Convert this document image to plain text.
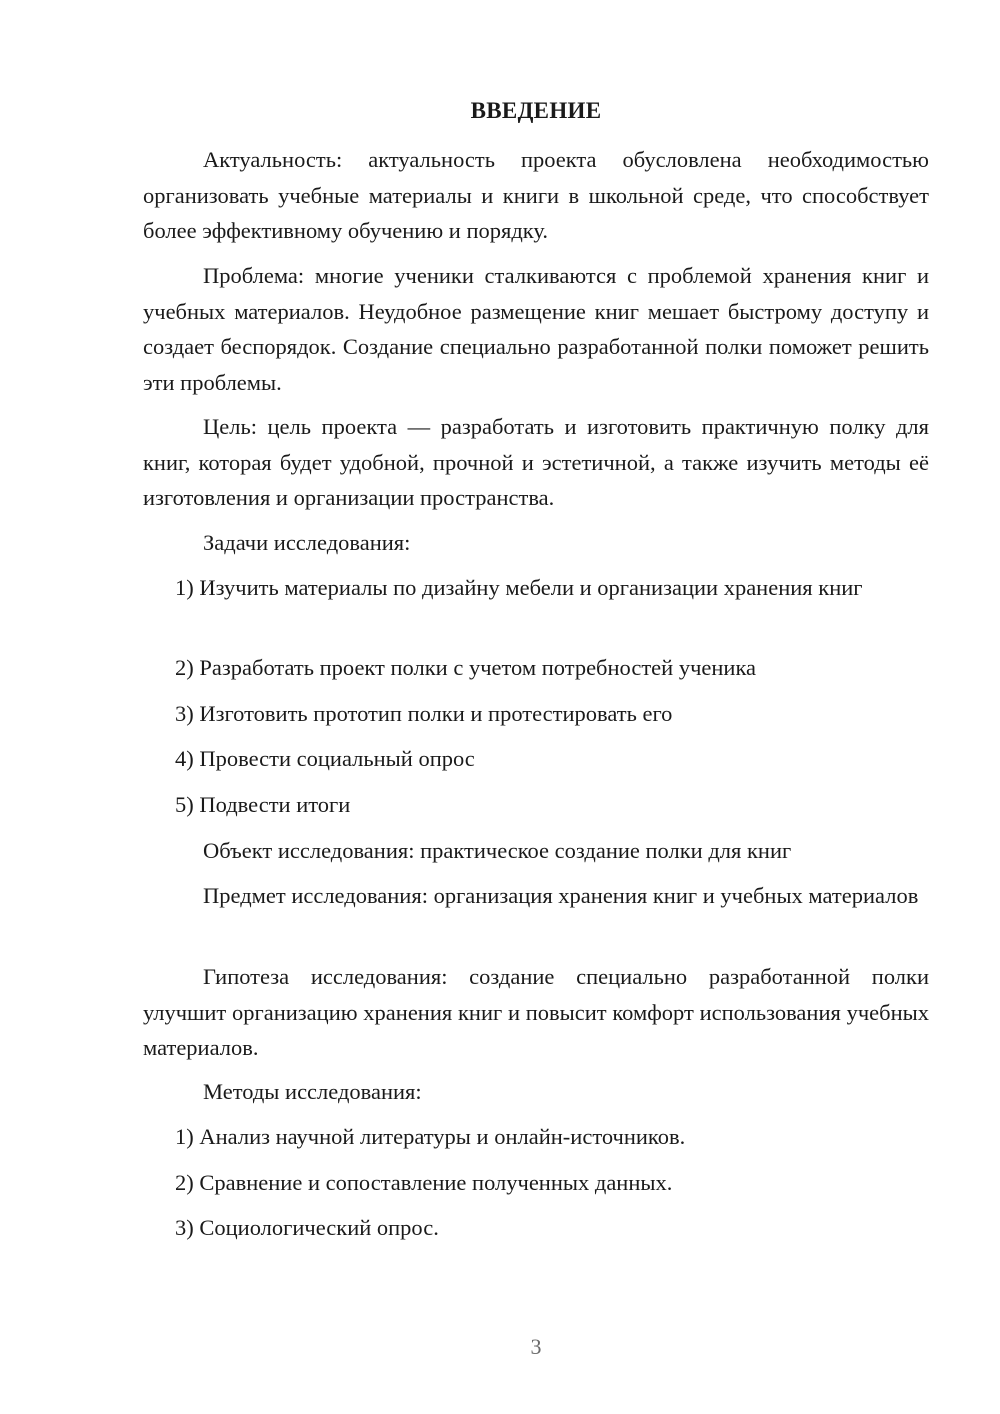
ВВЕДЕНИЕ
Актуальность: актуальность проекта обусловлена необходимостью организовать учебные материалы и книги в школьной среде, что способствует более эффективному обучению и порядку.
Проблема: многие ученики сталкиваются с проблемой хранения книг и учебных материалов. Неудобное размещение книг мешает быстрому доступу и создает беспорядок. Создание специально разработанной полки поможет решить эти проблемы.
Цель: цель проекта — разработать и изготовить практичную полку для книг, которая будет удобной, прочной и эстетичной, а также изучить методы её изготовления и организации пространства.
Задачи исследования:
1) Изучить материалы по дизайну мебели и организации хранения книг
2) Разработать проект полки с учетом потребностей ученика
3) Изготовить прототип полки и протестировать его
4) Провести социальный опрос
5) Подвести итоги
Объект исследования: практическое создание полки для книг
Предмет исследования: организация хранения книг и учебных материалов
Гипотеза исследования: создание специально разработанной полки улучшит организацию хранения книг и повысит комфорт использования учебных материалов.
Методы исследования:
1) Анализ научной литературы и онлайн-источников.
2) Сравнение и сопоставление полученных данных.
3) Социологический опрос.
3
